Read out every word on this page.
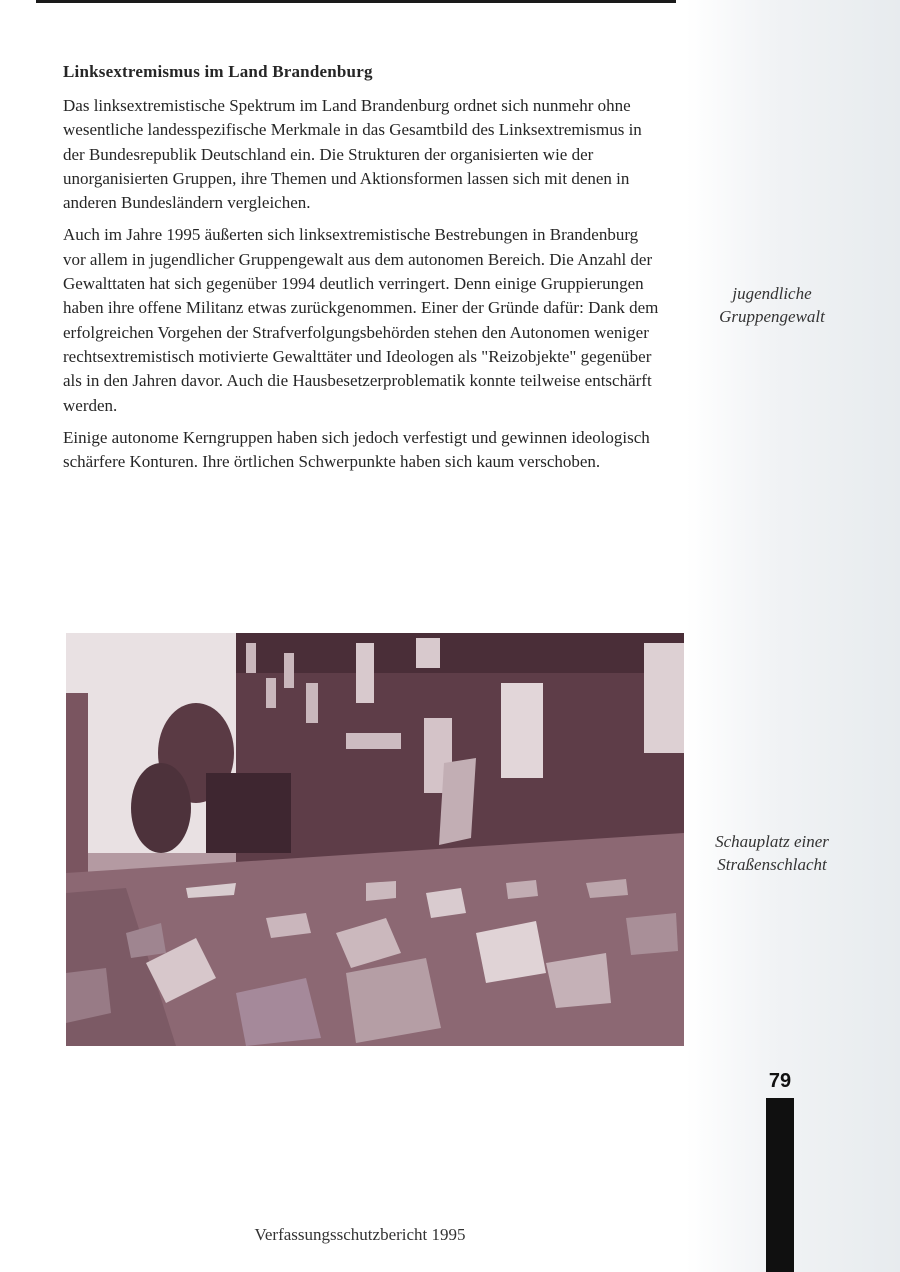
Linksextremismus im Land Brandenburg

Das linksextremistische Spektrum im Land Brandenburg ordnet sich nunmehr ohne wesentliche landesspezifische Merkmale in das Gesamtbild des Linksextremismus in der Bundesrepublik Deutschland ein. Die Strukturen der organisierten wie der unorganisierten Gruppen, ihre Themen und Aktionsformen lassen sich mit denen in anderen Bundesländern vergleichen.

Auch im Jahre 1995 äußerten sich linksextremistische Bestrebungen in Brandenburg vor allem in jugendlicher Gruppengewalt aus dem autonomen Bereich. Die Anzahl der Gewalttaten hat sich gegenüber 1994 deutlich verringert. Denn einige Gruppierungen haben ihre offene Militanz etwas zurückgenommen. Einer der Gründe dafür: Dank dem erfolgreichen Vorgehen der Strafverfolgungsbehörden stehen den Autonomen weniger rechtsextremistisch motivierte Gewalttäter und Ideologen als "Reizobjekte" gegenüber als in den Jahren davor. Auch die Hausbesetzerproblematik konnte teilweise entschärft werden.

Einige autonome Kerngruppen haben sich jedoch verfestigt und gewinnen ideologisch schärfere Konturen. Ihre örtlichen Schwerpunkte haben sich kaum verschoben.

jugendliche Gruppengewalt
Schauplatz einer Straßenschlacht
79
Verfassungsschutzbericht 1995
